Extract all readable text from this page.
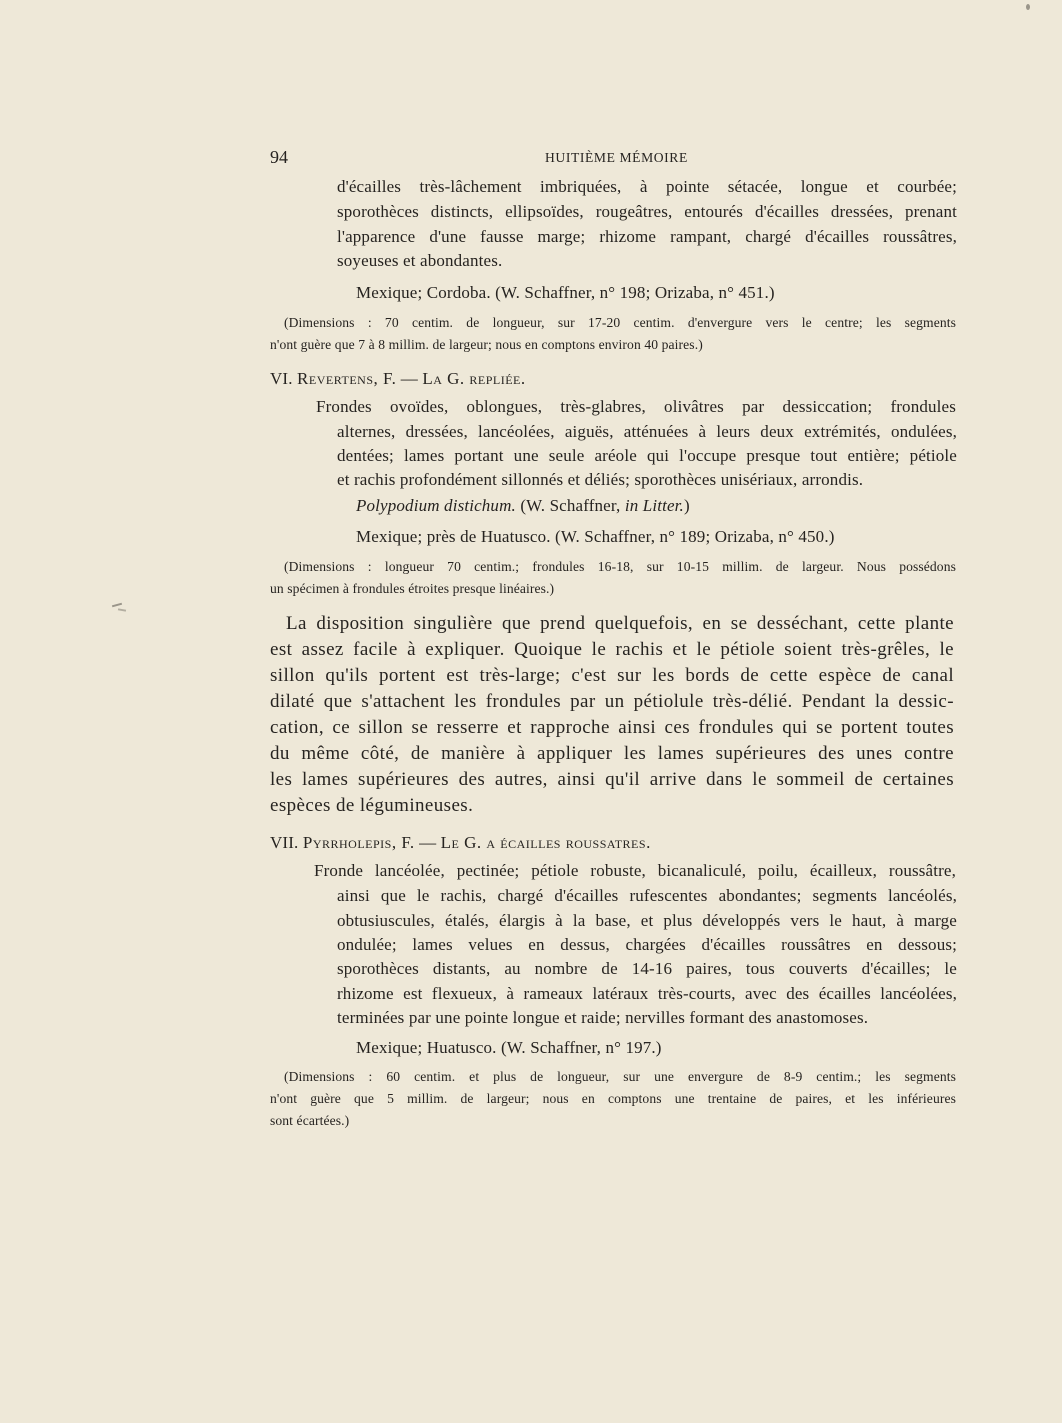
94	HUITIÈME MÉMOIRE
d'écailles très-lâchement imbriquées, à pointe sétacée, longue et courbée;
sporothèces distincts, ellipsoïdes, rougeâtres, entourés d'écailles dressées, prenant
l'apparence d'une fausse marge; rhizome rampant, chargé d'écailles roussâtres,
soyeuses et abondantes.
Mexique; Cordoba. (W. Schaffner, n° 198; Orizaba, n° 451.)
(Dimensions : 70 centim. de longueur, sur 17-20 centim. d'envergure vers le centre; les segments
n'ont guère que 7 à 8 millim. de largeur; nous en comptons environ 40 paires.)
VI. Revertens, F. — La G. repliée.
Frondes ovoïdes, oblongues, très-glabres, olivâtres par dessiccation; frondules
alternes, dressées, lancéolées, aiguës, atténuées à leurs deux extrémités, ondulées,
dentées; lames portant une seule aréole qui l'occupe presque tout entière; pétiole
et rachis profondément sillonnés et déliés; sporothèces unisériaux, arrondis.
Polypodium distichum. (W. Schaffner, in Litter.)
Mexique; près de Huatusco. (W. Schaffner, n° 189; Orizaba, n° 450.)
(Dimensions : longueur 70 centim.; frondules 16-18, sur 10-15 millim. de largeur. Nous possédons
un spécimen à frondules étroites presque linéaires.)
La disposition singulière que prend quelquefois, en se desséchant, cette plante
est assez facile à expliquer. Quoique le rachis et le pétiole soient très-grêles, le
sillon qu'ils portent est très-large; c'est sur les bords de cette espèce de canal
dilaté que s'attachent les frondules par un pétiolule très-délié. Pendant la dessic-
cation, ce sillon se resserre et rapproche ainsi ces frondules qui se portent toutes
du même côté, de manière à appliquer les lames supérieures des unes contre
les lames supérieures des autres, ainsi qu'il arrive dans le sommeil de certaines
espèces de légumineuses.
VII. Pyrrholepis, F. — Le G. a écailles roussatres.
Fronde lancéolée, pectinée; pétiole robuste, bicanaliculé, poilu, écailleux, roussâtre,
ainsi que le rachis, chargé d'écailles rufescentes abondantes; segments lancéolés,
obtusiuscules, étalés, élargis à la base, et plus développés vers le haut, à marge
ondulée; lames velues en dessus, chargées d'écailles roussâtres en dessous;
sporothèces distants, au nombre de 14-16 paires, tous couverts d'écailles; le
rhizome est flexueux, à rameaux latéraux très-courts, avec des écailles lancéolées,
terminées par une pointe longue et raide; nervilles formant des anastomoses.
Mexique; Huatusco. (W. Schaffner, n° 197.)
(Dimensions : 60 centim. et plus de longueur, sur une envergure de 8-9 centim.; les segments
n'ont guère que 5 millim. de largeur; nous en comptons une trentaine de paires, et les inférieures
sont écartées.)
